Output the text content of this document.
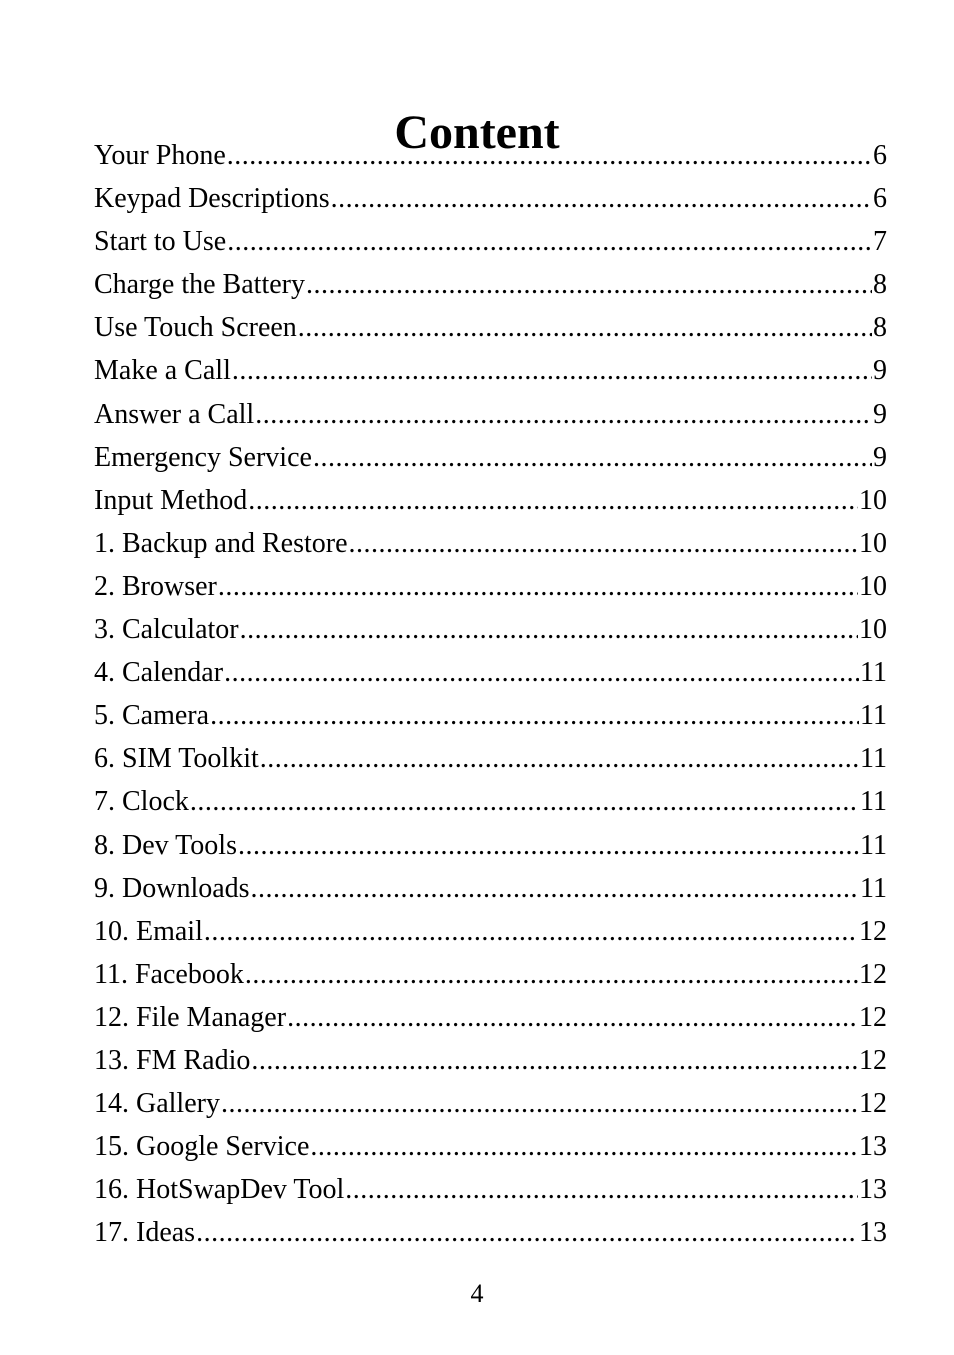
Content
Your Phone .....	6
Keypad Descriptions .....	6
Start to Use .....	7
Charge the Battery .....	8
Use Touch Screen .....	8
Make a Call .....	9
Answer a Call .....	9
Emergency Service .....	9
Input Method .....	10
1. Backup and Restore .....	10
2. Browser .....	10
3. Calculator .....	10
4. Calendar .....	11
5. Camera .....	11
6. SIM Toolkit .....	11
7. Clock .....	11
8. Dev Tools .....	11
9. Downloads .....	11
10. Email .....	12
11. Facebook .....	12
12. File Manager .....	12
13. FM Radio .....	12
14. Gallery .....	12
15. Google Service .....	13
16. HotSwapDev Tool .....	13
17. Ideas .....	13
4
